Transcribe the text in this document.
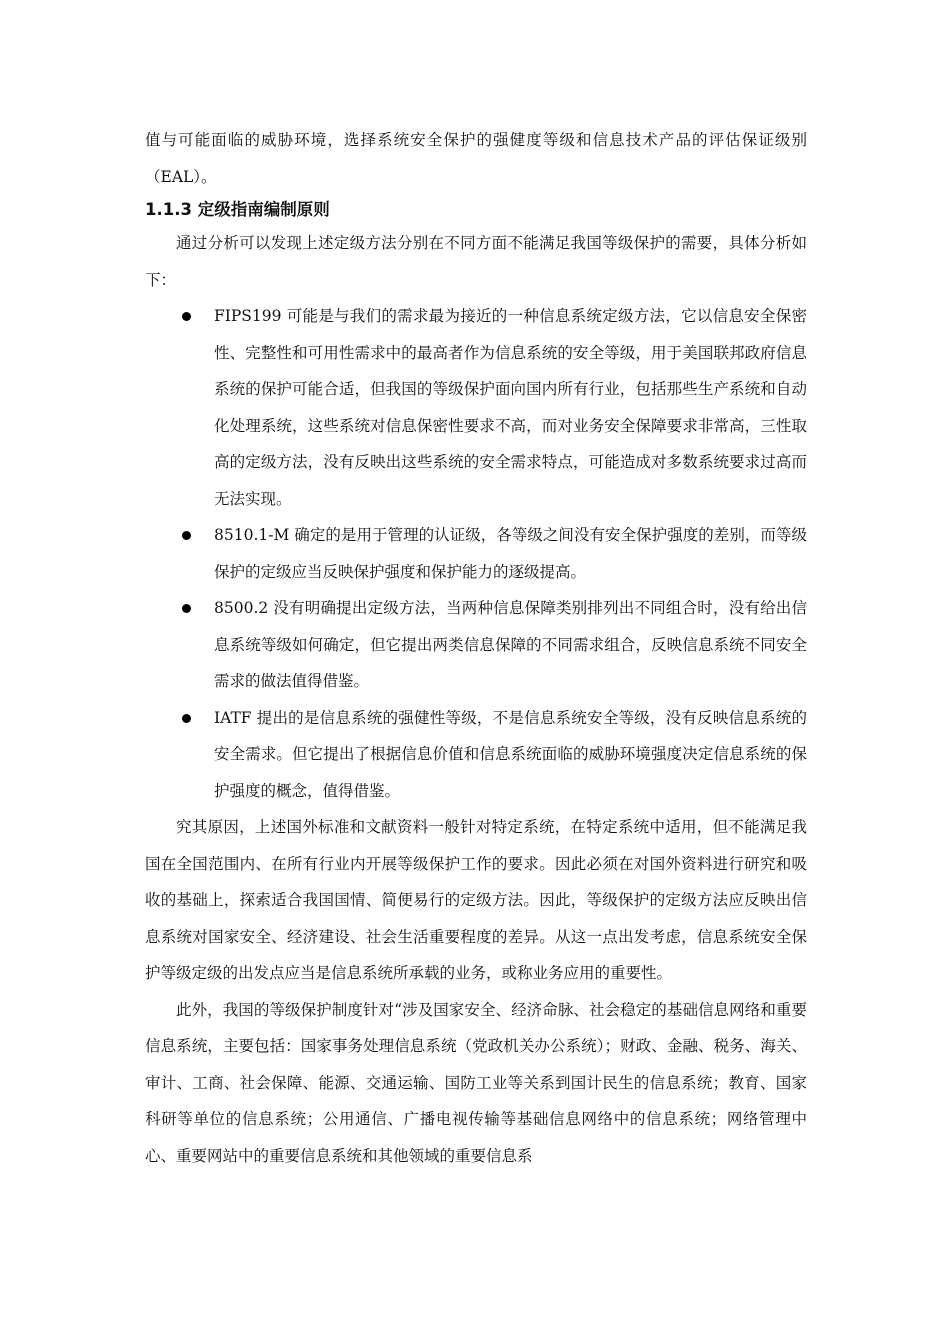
值与可能面临的威胁环境，选择系统安全保护的强健度等级和信息技术产品的评估保证级别（EAL）。

1.1.3 定级指南编制原则

通过分析可以发现上述定级方法分别在不同方面不能满足我国等级保护的需要，具体分析如下：

FIPS199 可能是与我们的需求最为接近的一种信息系统定级方法，它以信息安全保密性、完整性和可用性需求中的最高者作为信息系统的安全等级，用于美国联邦政府信息系统的保护可能合适，但我国的等级保护面向国内所有行业，包括那些生产系统和自动化处理系统，这些系统对信息保密性要求不高，而对业务安全保障要求非常高，三性取高的定级方法，没有反映出这些系统的安全需求特点，可能造成对多数系统要求过高而无法实现。
8510.1-M 确定的是用于管理的认证级，各等级之间没有安全保护强度的差别，而等级保护的定级应当反映保护强度和保护能力的逐级提高。
8500.2 没有明确提出定级方法，当两种信息保障类别排列出不同组合时，没有给出信息系统等级如何确定，但它提出两类信息保障的不同需求组合，反映信息系统不同安全需求的做法值得借鉴。
IATF 提出的是信息系统的强健性等级，不是信息系统安全等级，没有反映信息系统的安全需求。但它提出了根据信息价值和信息系统面临的威胁环境强度决定信息系统的保护强度的概念，值得借鉴。

究其原因，上述国外标准和文献资料一般针对特定系统，在特定系统中适用，但不能满足我国在全国范围内、在所有行业内开展等级保护工作的要求。因此必须在对国外资料进行研究和吸收的基础上，探索适合我国国情、简便易行的定级方法。因此，等级保护的定级方法应反映出信息系统对国家安全、经济建设、社会生活重要程度的差异。从这一点出发考虑，信息系统安全保护等级定级的出发点应当是信息系统所承载的业务，或称业务应用的重要性。

此外，我国的等级保护制度针对“涉及国家安全、经济命脉、社会稳定的基础信息网络和重要信息系统，主要包括：国家事务处理信息系统（党政机关办公系统）；财政、金融、税务、海关、审计、工商、社会保障、能源、交通运输、国防工业等关系到国计民生的信息系统；教育、国家科研等单位的信息系统；公用通信、广播电视传输等基础信息网络中的信息系统；网络管理中心、重要网站中的重要信息系统和其他领域的重要信息系
